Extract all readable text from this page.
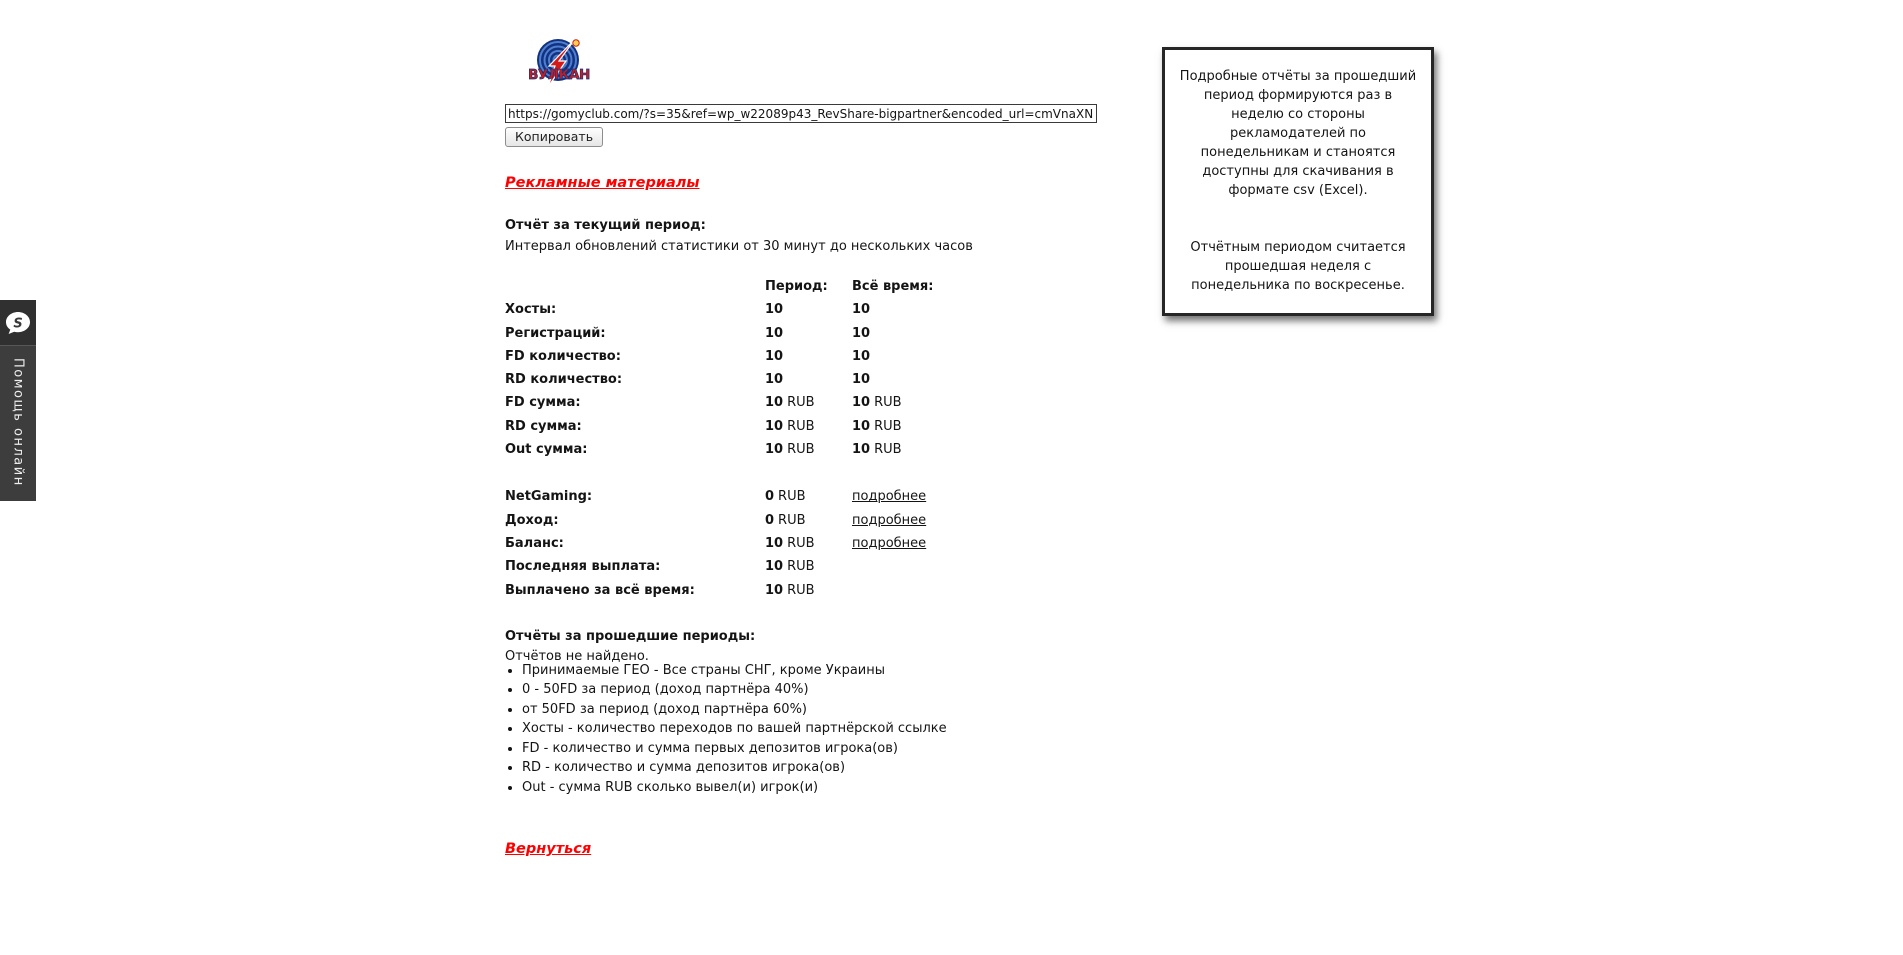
ВУЛКАН
https://gomyclub.com/?s=35&ref=wp_w22089p43_RevShare-bigpartner&encoded_url=cmVnaXN Копировать
Рекламные материалы
Отчёт за текущий период:
Интервал обновлений статистики от 30 минут до нескольких часов
Период:	Всё время:
Хосты:	10	10
Регистраций:	10	10
FD количество:	10	10
RD количество:	10	10
FD сумма:	10 RUB	10 RUB
RD сумма:	10 RUB	10 RUB
Out сумма:	10 RUB	10 RUB
NetGaming:	0 RUB	подробнее
Доход:	0 RUB	подробнее
Баланс:	10 RUB	подробнее
Последняя выплата:	10 RUB
Выплачено за всё время:	10 RUB
Отчёты за прошедшие периоды:
Отчётов не найдено.
• Принимаемые ГЕО - Все страны СНГ, кроме Украины
• 0 - 50FD за период (доход партнёра 40%)
• от 50FD за период (доход партнёра 60%)
• Хосты - количество переходов по вашей партнёрской ссылке
• FD - количество и сумма первых депозитов игрока(ов)
• RD - количество и сумма депозитов игрока(ов)
• Out - сумма RUB сколько вывел(и) игрок(и)
Вернуться

Подробные отчёты за прошедший период формируются раз в неделю со стороны рекламодателей по понедельникам и станоятся доступны для скачивания в формате csv (Excel).

Отчётным периодом считается прошедшая неделя с понедельника по воскресенье.

S
Помощь онлайн
